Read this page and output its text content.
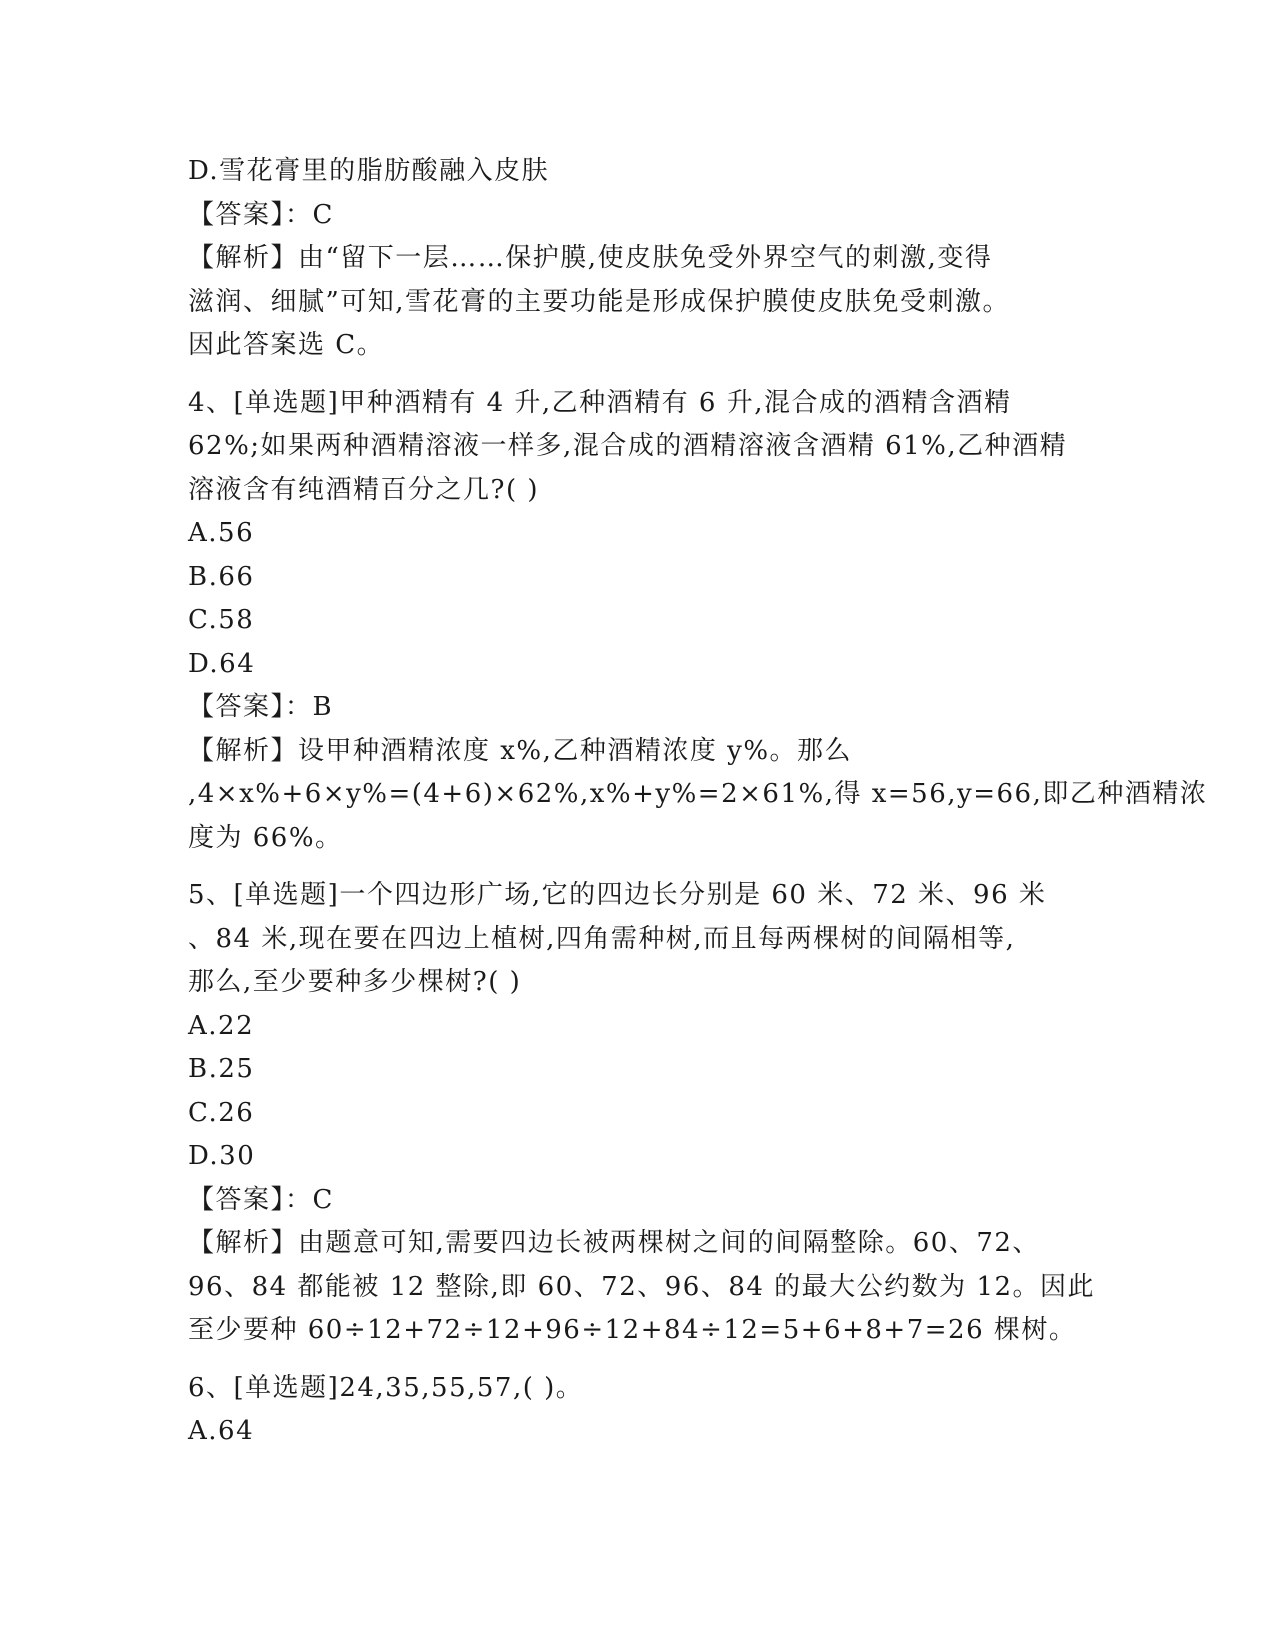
D.雪花膏里的脂肪酸融入皮肤
【答案】：C
【解析】由“留下一层……保护膜,使皮肤免受外界空气的刺激,变得
滋润、细腻”可知,雪花膏的主要功能是形成保护膜使皮肤免受刺激。
因此答案选 C。
4、[单选题]甲种酒精有 4 升,乙种酒精有 6 升,混合成的酒精含酒精
62%;如果两种酒精溶液一样多,混合成的酒精溶液含酒精 61%,乙种酒精
溶液含有纯酒精百分之几?( )
A.56
B.66
C.58
D.64
【答案】：B
【解析】设甲种酒精浓度 x%,乙种酒精浓度 y%。那么
,4×x%+6×y%=(4+6)×62%,x%+y%=2×61%,得 x=56,y=66,即乙种酒精浓
度为 66%。
5、[单选题]一个四边形广场,它的四边长分别是 60 米、72 米、96 米
、84 米,现在要在四边上植树,四角需种树,而且每两棵树的间隔相等,
那么,至少要种多少棵树?( )
A.22
B.25
C.26
D.30
【答案】：C
【解析】由题意可知,需要四边长被两棵树之间的间隔整除。60、72、
96、84 都能被 12 整除,即 60、72、96、84 的最大公约数为 12。因此
至少要种 60÷12+72÷12+96÷12+84÷12=5+6+8+7=26 棵树。
6、[单选题]24,35,55,57,( )。
A.64
